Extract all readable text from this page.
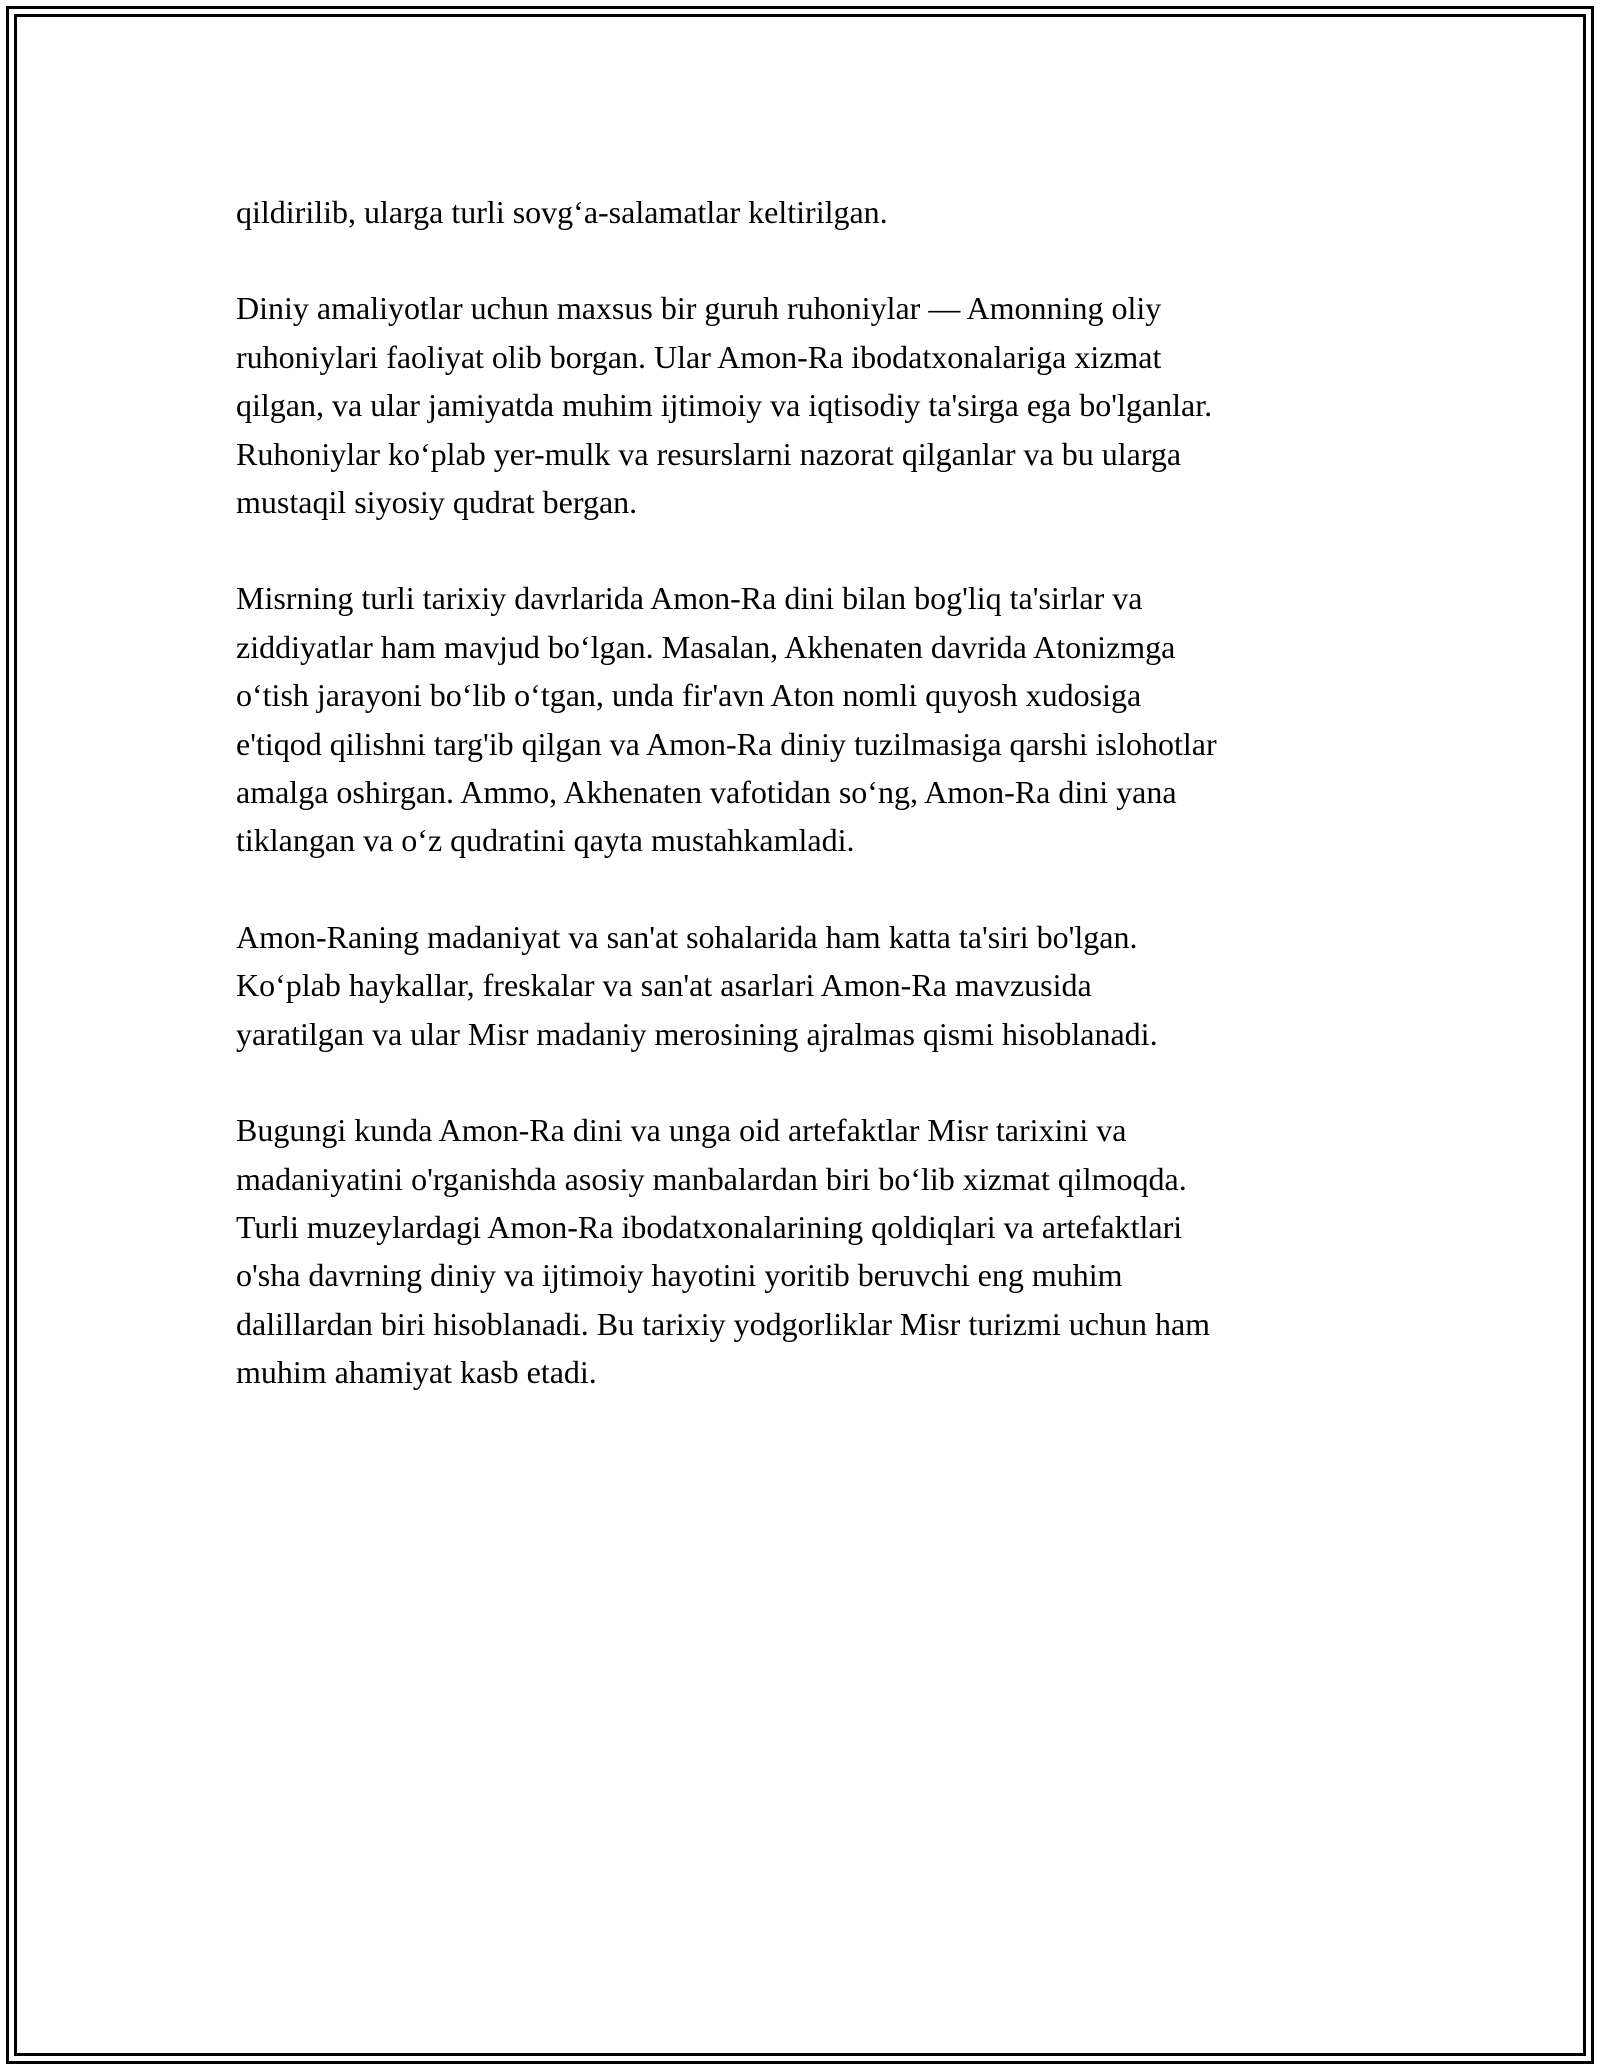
qildirilib, ularga turli sovg‘a-salamatlar keltirilgan.

Diniy amaliyotlar uchun maxsus bir guruh ruhoniylar — Amonning oliy
ruhoniylari faoliyat olib borgan. Ular Amon-Ra ibodatxonalariga xizmat
qilgan, va ular jamiyatda muhim ijtimoiy va iqtisodiy ta'sirga ega bo'lganlar.
Ruhoniylar ko‘plab yer-mulk va resurslarni nazorat qilganlar va bu ularga
mustaqil siyosiy qudrat bergan.

Misrning turli tarixiy davrlarida Amon-Ra dini bilan bog'liq ta'sirlar va
ziddiyatlar ham mavjud bo‘lgan. Masalan, Akhenaten davrida Atonizmga
o‘tish jarayoni bo‘lib o‘tgan, unda fir'avn Aton nomli quyosh xudosiga
e'tiqod qilishni targ'ib qilgan va Amon-Ra diniy tuzilmasiga qarshi islohotlar
amalga oshirgan. Ammo, Akhenaten vafotidan so‘ng, Amon-Ra dini yana
tiklangan va o‘z qudratini qayta mustahkamladi.

Amon-Raning madaniyat va san'at sohalarida ham katta ta'siri bo'lgan.
Ko‘plab haykallar, freskalar va san'at asarlari Amon-Ra mavzusida
yaratilgan va ular Misr madaniy merosining ajralmas qismi hisoblanadi.

Bugungi kunda Amon-Ra dini va unga oid artefaktlar Misr tarixini va
madaniyatini o'rganishda asosiy manbalardan biri bo‘lib xizmat qilmoqda.
Turli muzeylardagi Amon-Ra ibodatxonalarining qoldiqlari va artefaktlari
o'sha davrning diniy va ijtimoiy hayotini yoritib beruvchi eng muhim
dalillardan biri hisoblanadi. Bu tarixiy yodgorliklar Misr turizmi uchun ham
muhim ahamiyat kasb etadi.
